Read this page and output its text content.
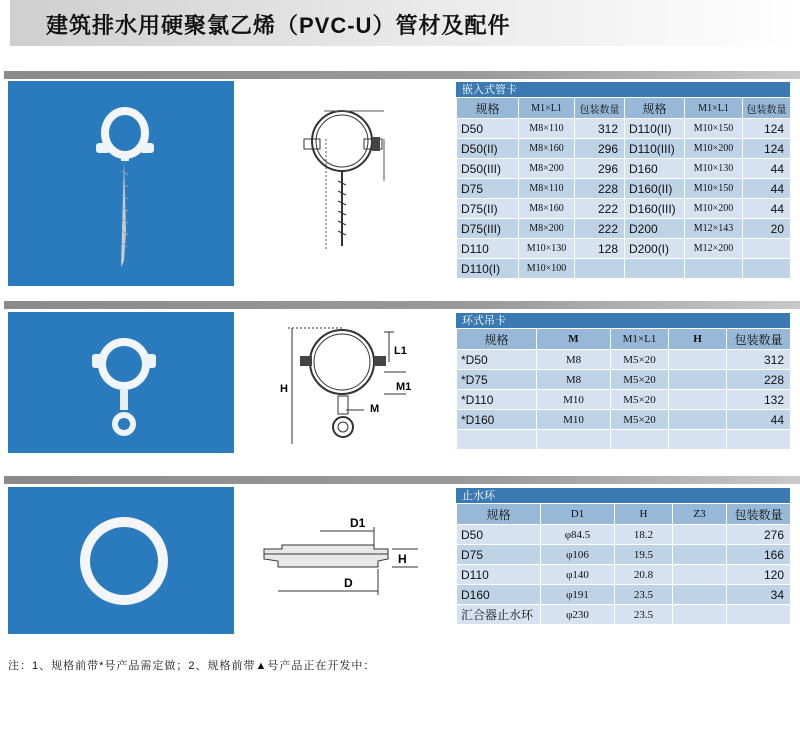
建筑排水用硬聚氯乙烯（PVC-U）管材及配件
嵌入式管卡
规格	M1×L1	包装数量	规格	M1×L1	包装数量
D50	M8×110	312	D110(II)	M10×150	124
D50(II)	M8×160	296	D110(III)	M10×200	124
D50(III)	M8×200	296	D160	M10×130	44
D75	M8×110	228	D160(II)	M10×150	44
D75(II)	M8×160	222	D160(III)	M10×200	44
D75(III)	M8×200	222	D200	M12×143	20
D110	M10×130	128	D200(I)	M12×200	
D110(I)	M10×100				
H
L1
M1
M
环式吊卡
规格	M	M1×L1	H	包装数量
*D50	M8	M5×20		312
*D75	M8	M5×20		228
*D110	M10	M5×20		132
*D160	M10	M5×20		44

D1
D
H
止水环
规格	D1	H	Z3	包装数量
D50	φ84.5	18.2		276
D75	φ106	19.5		166
D110	φ140	20.8		120
D160	φ191	23.5		34
汇合器止水环	φ230	23.5		
注：1、规格前带*号产品需定做；2、规格前带▲号产品正在开发中：
